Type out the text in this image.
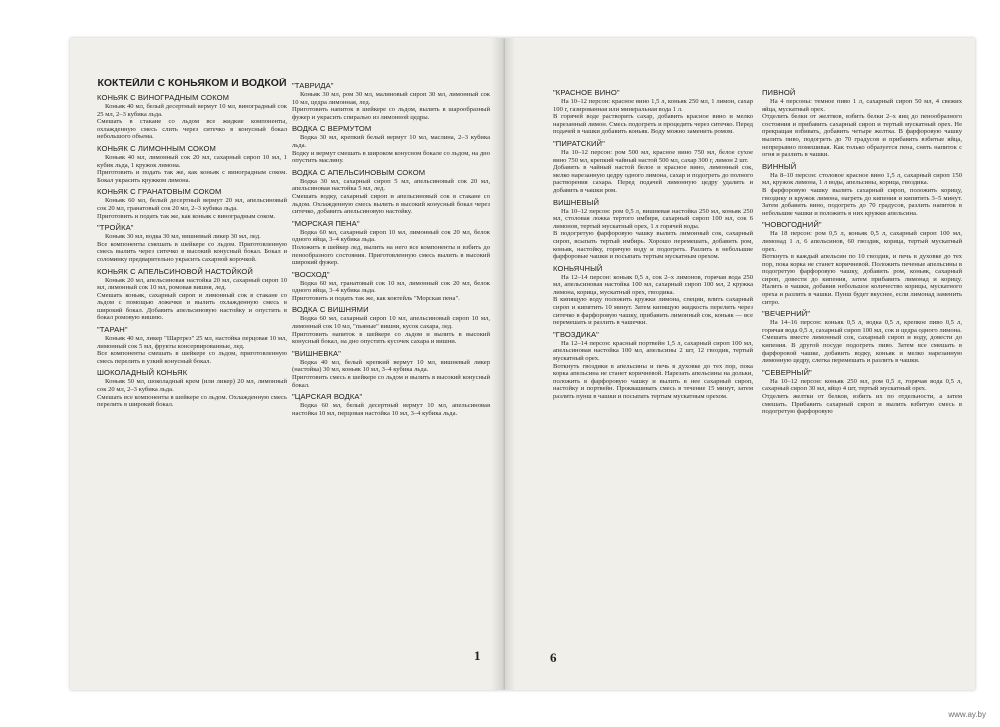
КОКТЕЙЛИ С КОНЬЯКОМ И ВОДКОЙ
КОНЬЯК С ВИНОГРАДНЫМ СОКОМ
Коньяк 40 мл, белый десертный вермут 10 мл, виноградный сок 25 мл, 2–3 кубика льда.
Смешать в стакане со льдом все жидкие компоненты, охлажденную смесь слить через ситечко в конусный бокал небольшого объема.
КОНЬЯК С ЛИМОННЫМ СОКОМ
Коньяк 40 мл, лимонный сок 20 мл, сахарный сироп 10 мл, 1 кубик льда, 1 кружок лимона.
Приготовить и подать так же, как коньяк с виноградным соком. Бокал украсить кружком лимона.
КОНЬЯК С ГРАНАТОВЫМ СОКОМ
Коньяк 60 мл, белый десертный вермут 20 мл, апельсиновый сок 20 мл, гранатовый сок 20 мл, 2–3 кубика льда.
Приготовить и подать так же, как коньяк с виноградным соком.
"ТРОЙКА"
Коньяк 30 мл, водка 30 мл, вишневый ликер 30 мл, лед.
Все компоненты смешать в шейкере со льдом. Приготовленную смесь вылить через ситечко в высокий конусный бокал. Бокал и соломинку предварительно украсить сахарной корочкой.
КОНЬЯК С АПЕЛЬСИНОВОЙ НАСТОЙКОЙ
Коньяк 20 мл, апельсиновая настойка 20 мл, сахарный сироп 10 мл, лимонный сок 10 мл, ромовая вишня, лед.
Смешать коньяк, сахарный сироп и лимонный сок в стакане со льдом с помощью ложечки и вылить охлажденную смесь в широкий бокал. Добавить апельсиновую настойку и опустить в бокал ромовую вишню.
"ТАРАН"
Коньяк 40 мл, ликер "Шартрез" 25 мл, настойка перцовая 10 мл, лимонный сок 5 мл, фрукты консервированные, лед.
Все компоненты смешать в шейкере со льдом, приготовленную смесь перелить в узкий конусный бокал.
ШОКОЛАДНЫЙ КОНЬЯК
Коньяк 50 мл, шоколадный крем (или ликер) 20 мл, лимонный сок 20 мл, 2–3 кубика льда.
Смешать все компоненты в шейкере со льдом. Охлажденную смесь перелить в широкий бокал.
"ТАВРИДА"
Коньяк 30 мл, ром 30 мл, малиновый сироп 30 мл, лимонный сок 10 мл, цедра лимонная, лед.
Приготовить напиток в шейкере со льдом, вылить в шарообразный фужер и украсить спиралью из лимонной цедры.
ВОДКА С ВЕРМУТОМ
Водка 30 мл, крепкий белый вермут 10 мл, маслина, 2–3 кубика льда.
Водку и вермут смешать в широком конусном бокале со льдом, на дно опустить маслину.
ВОДКА С АПЕЛЬСИНОВЫМ СОКОМ
Водка 30 мл, сахарный сироп 5 мл, апельсиновый сок 20 мл, апельсиновая настойка 5 мл, лед.
Смешать водку, сахарный сироп и апельсиновый сок в стакане со льдом. Охлажденную смесь вылить в высокий конусный бокал через ситечко, добавить апельсиновую настойку.
"МОРСКАЯ ПЕНА"
Водка 60 мл, сахарный сироп 10 мл, лимонный сок 20 мл, белок одного яйца, 3–4 кубика льда.
Положить в шейкер лед, вылить на него все компоненты и взбить до пенообразного состояния. Приготовленную смесь вылить в высокий широкий фужер.
"ВОСХОД"
Водка 60 мл, гранатовый сок 10 мл, лимонный сок 20 мл, белок одного яйца, 3–4 кубика льда.
Приготовить и подать так же, как коктейль "Морская пена".
ВОДКА С ВИШНЯМИ
Водка 60 мл, сахарный сироп 10 мл, апельсиновый сироп 10 мл, лимонный сок 10 мл, "пьяные" вишни, кусок сахара, лед.
Приготовить напиток в шейкере со льдом и вылить в высокий конусный бокал, на дно опустить кусочек сахара и вишни.
"ВИШНЕВКА"
Водка 40 мл, белый крепкий вермут 10 мл, вишневый ликер (настойка) 30 мл, коньяк 10 мл, 3–4 кубика льда.
Приготовить смесь в шейкере со льдом и вылить в высокий конусный бокал.
"ЦАРСКАЯ ВОДКА"
Водка 60 мл, белый десертный вермут 10 мл, апельсиновая настойка 10 мл, перцовая настойка 10 мл, 3–4 кубика льда.
1
"КРАСНОЕ ВИНО"
На 10–12 персон: красное вино 1,5 л, коньяк 250 мл, 1 лимон, сахар 100 г, газированная или минеральная вода 1 л.
В горячей воде растворить сахар, добавить красное вино и мелко нарезанный лимон. Смесь подогреть и процедить через ситечко. Перед подачей в чашки добавить коньяк. Воду можно заменить ромом.
"ПИРАТСКИЙ"
На 10–12 персон: ром 500 мл, красное вино 750 мл, белое сухое вино 750 мл, крепкий чайный настой 500 мл, сахар 300 г, лимон 2 шт.
Добавить в чайный настой белое и красное вино, лимонный сок, мелко нарезанную цедру одного лимона, сахар и подогреть до полного растворения сахара. Перед подачей лимонную цедру удалить и добавить в чашки ром.
ВИШНЕВЫЙ
На 10–12 персон: ром 0,5 л, вишневая настойка 250 мл, коньяк 250 мл, столовая ложка тертого имбиря, сахарный сироп 100 мл, сок 6 лимонов, тертый мускатный орех, 1 л горячей воды.
В подогретую фарфоровую чашку вылить лимонный сок, сахарный сироп, всыпать тертый имбирь. Хорошо перемешать, добавить ром, коньяк, настойку, горячую воду и подогреть. Разлить в небольшие фарфоровые чашки и посыпать тертым мускатным орехом.
КОНЬЯЧНЫЙ
На 12–14 персон: коньяк 0,5 л, сок 2–х лимонов, горячая вода 250 мл, апельсиновая настойка 100 мл, сахарный сироп 100 мл, 2 кружка лимона, корица, мускатный орех, гвоздика.
В кипящую воду положить кружки лимона, специи, влить сахарный сироп и кипятить 10 минут. Затем кипящую жидкость перелить через ситечко в фарфоровую чашку, прибавить лимонный сок, коньяк — все перемешать и разлить в чашечки.
"ГВОЗДИКА"
На 12–14 персон: красный портвейн 1,5 л, сахарный сироп 100 мл, апельсиновая настойка 100 мл, апельсины 2 шт, 12 гвоздик, тертый мускатный орех.
Воткнуть гвоздики в апельсины и печь в духовке до тех пор, пока корка апельсина не станет коричневой. Нарезать апельсины на дольки, положить в фарфоровую чашку и вылить в нее сахарный сироп, настойку и портвейн. Проквашивать смесь в течение 15 минут, затем разлить пунш в чашки и посыпать тертым мускатным орехом.
ПИВНОЙ
На 4 персоны: темное пиво 1 л, сахарный сироп 50 мл, 4 свежих яйца, мускатный орех.
Отделить белки от желтков, взбить белки 2–х яиц до пенообразного состояния и прибавить сахарный сироп и тертый мускатный орех. Не прекращая взбивать, добавить четыре желтка. В фарфоровую чашку вылить пиво, подогреть до 70 градусов и прибавить взбитые яйца, непрерывно помешивая. Как только образуется пена, снять напиток с огня и разлить в чашки.
ВИННЫЙ
На 8–10 персон: столовое красное вино 1,5 л, сахарный сироп 150 мл, кружок лимона, 1 л воды, апельсины, корица, гвоздика.
В фарфоровую чашку вылить сахарный сироп, положить корицу, гвоздику и кружок лимона, нагреть до кипения и кипятить 3–5 минут. Затем добавить вино, подогреть до 70 градусов, разлить напиток в небольшие чашки и положить в них кружки апельсина.
"НОВОГОДНИЙ"
На 18 персон: ром 0,5 л, коньяк 0,5 л, сахарный сироп 100 мл, лимонад 1 л, 6 апельсинов, 60 гвоздик, корица, тертый мускатный орех.
Воткнуть в каждый апельсин по 10 гвоздик, и печь в духовке до тех пор, пока корка не станет коричневой. Положить печеные апельсины в подогретую фарфоровую чашку, добавить ром, коньяк, сахарный сироп, довести до кипения, затем прибавить лимонад и корицу. Налить в чашки, добавив небольшое количество корицы, мускатного ореха и разлить в чашки. Пунш будет вкуснее, если лимонад заменить ситро.
"ВЕЧЕРНИЙ"
На 14–16 персон: коньяк 0,5 л, водка 0,5 л, крепкое пиво 0,5 л, горячая вода 0,5 л, сахарный сироп 100 мл, сок и цедра одного лимона.
Смешать вместе лимонный сок, сахарный сироп и воду, довести до кипения. В другой посуде подогреть пиво. Затем все смешать в фарфоровой чашке, добавить водку, коньяк и мелко нарезанную лимонную цедру, слегка перемешать и разлить в чашки.
"СЕВЕРНЫЙ"
На 10–12 персон: коньяк 250 мл, ром 0,5 л, горячая вода 0,5 л, сахарный сироп 30 мл, яйцо 4 шт, тертый мускатный орех.
Отделить желтки от белков, взбить их по отдельности, а затем смешать. Прибавить сахарный сироп и вылить взбитую смесь в подогретую фарфоровую
6
www.ay.by
